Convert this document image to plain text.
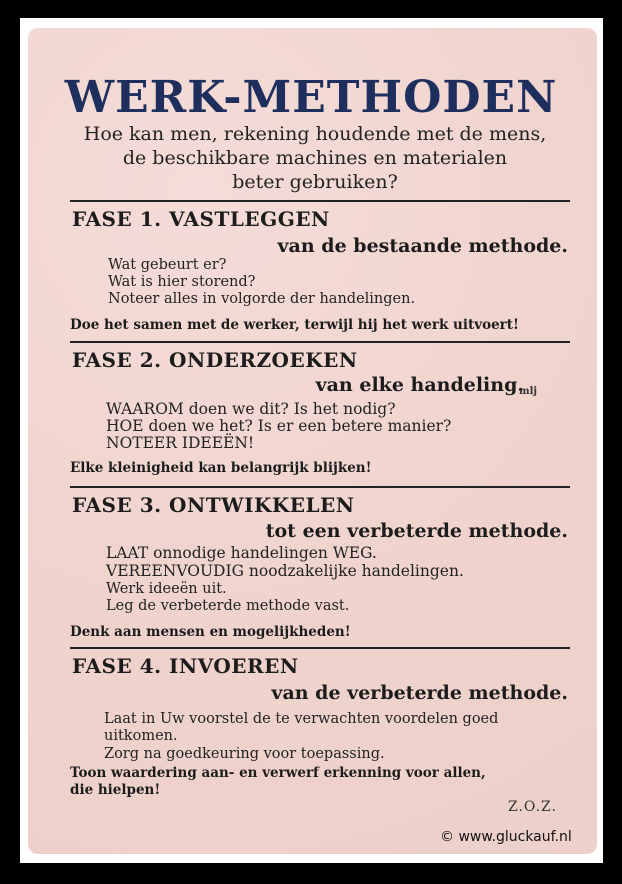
WERK-METHODEN
Hoe kan men, rekening houdende met de mens,
de beschikbare machines en materialen
beter gebruiken?
FASE 1. VASTLEGGEN
van de bestaande methode.
Wat gebeurt er?
Wat is hier storend?
Noteer alles in volgorde der handelingen.
Doe het samen met de werker, terwijl hij het werk uitvoert!
FASE 2. ONDERZOEKEN
van elke handeling.
mlj
WAAROM doen we dit? Is het nodig?
HOE doen we het? Is er een betere manier?
NOTEER IDEEËN!
Elke kleinigheid kan belangrijk blijken!
FASE 3. ONTWIKKELEN
tot een verbeterde methode.
LAAT onnodige handelingen WEG.
VEREENVOUDIG noodzakelijke handelingen.
Werk ideeën uit.
Leg de verbeterde methode vast.
Denk aan mensen en mogelijkheden!
FASE 4. INVOEREN
van de verbeterde methode.
Laat in Uw voorstel de te verwachten voordelen goed
uitkomen.
Zorg na goedkeuring voor toepassing.
Toon waardering aan- en verwerf erkenning voor allen,
die hielpen!
Z.O.Z.
© www.gluckauf.nl
